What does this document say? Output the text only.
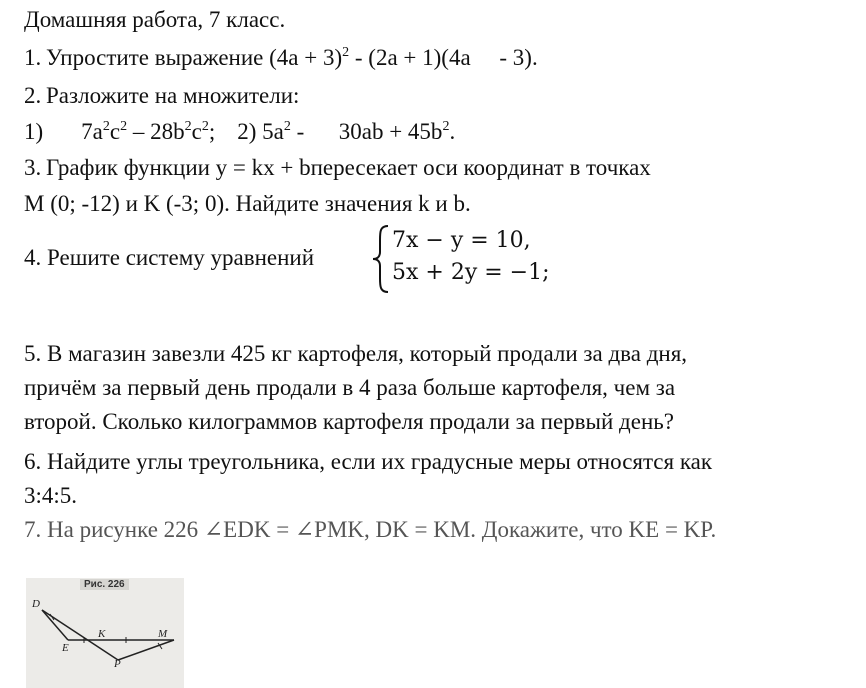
Домашняя работа, 7 класс.
1. Упростите выражение $(4a + 3)^2 - (2a + 1)(4a$     - 3).
2. Разложите на множители:
1) $7a^2c^2 - 28b^2c^2$; 2) $5a^2$ -      $30ab + 45b^2$.
3. График функции y = kx + bпересекает оси координат в точках
M (0; -12) и K (-3; 0). Найдите значения k и b.
4. Решите систему уравнений
7x − y = 10,
5x + 2y = −1;
5. В магазин завезли 425 кг картофеля, который продали за два дня,
причём за первый день продали в 4 раза больше картофеля, чем за
второй. Сколько килограммов картофеля продали за первый день?
6. Найдите углы треугольника, если их градусные меры относятся как
3:4:5.
7. На рисунке 226 ∠EDK = ∠PMK, DK = KM. Докажите, что KE = KP.
Рис. 226
D
E
K	M
P
